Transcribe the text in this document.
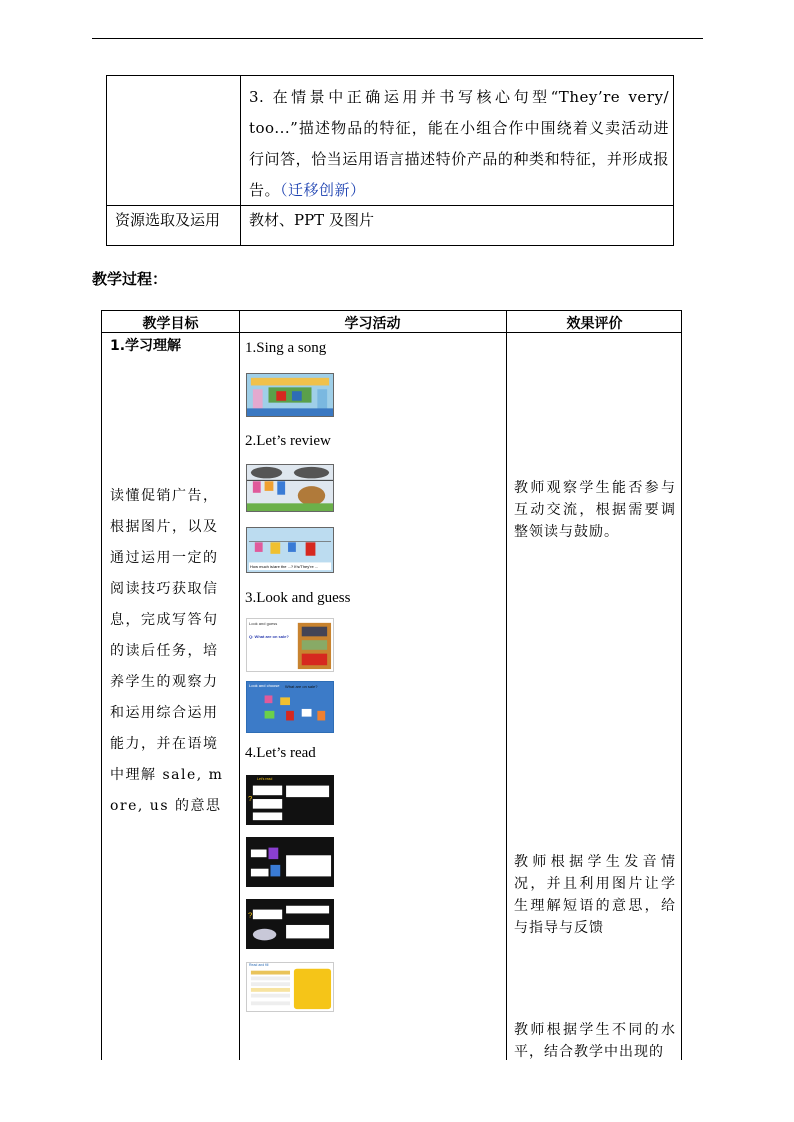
3. 在情景中正确运用并书写核心句型“They’re very/ too...”描述物品的特征，能在小组合作中围绕着义卖活动进行问答，恰当运用语言描述特价产品的种类和特征，并形成报告。（迁移创新）
资源选取及运用 教材、PPT 及图片
教学过程：
教学目标	学习活动	效果评价
1.学习理解
读懂促销广告，根据图片，以及通过运用一定的阅读技巧获取信息，完成写答句的读后任务，培养学生的观察力和运用综合运用能力，并在语境中理解 sale, more, us 的意思
1.Sing a song
2.Let’s review
How much is/are the ...? It’s/They’re ...
3.Look and guess
Look and guess
Q: What are on sale?
Look and choose What are on sale?
4.Let’s read
?
Let’s read
?
Read and fill
教师观察学生能否参与互动交流，根据需要调整领读与鼓励。
教师根据学生发音情况，并且利用图片让学生理解短语的意思，给与指导与反馈
教师根据学生不同的水平，结合教学中出现的
